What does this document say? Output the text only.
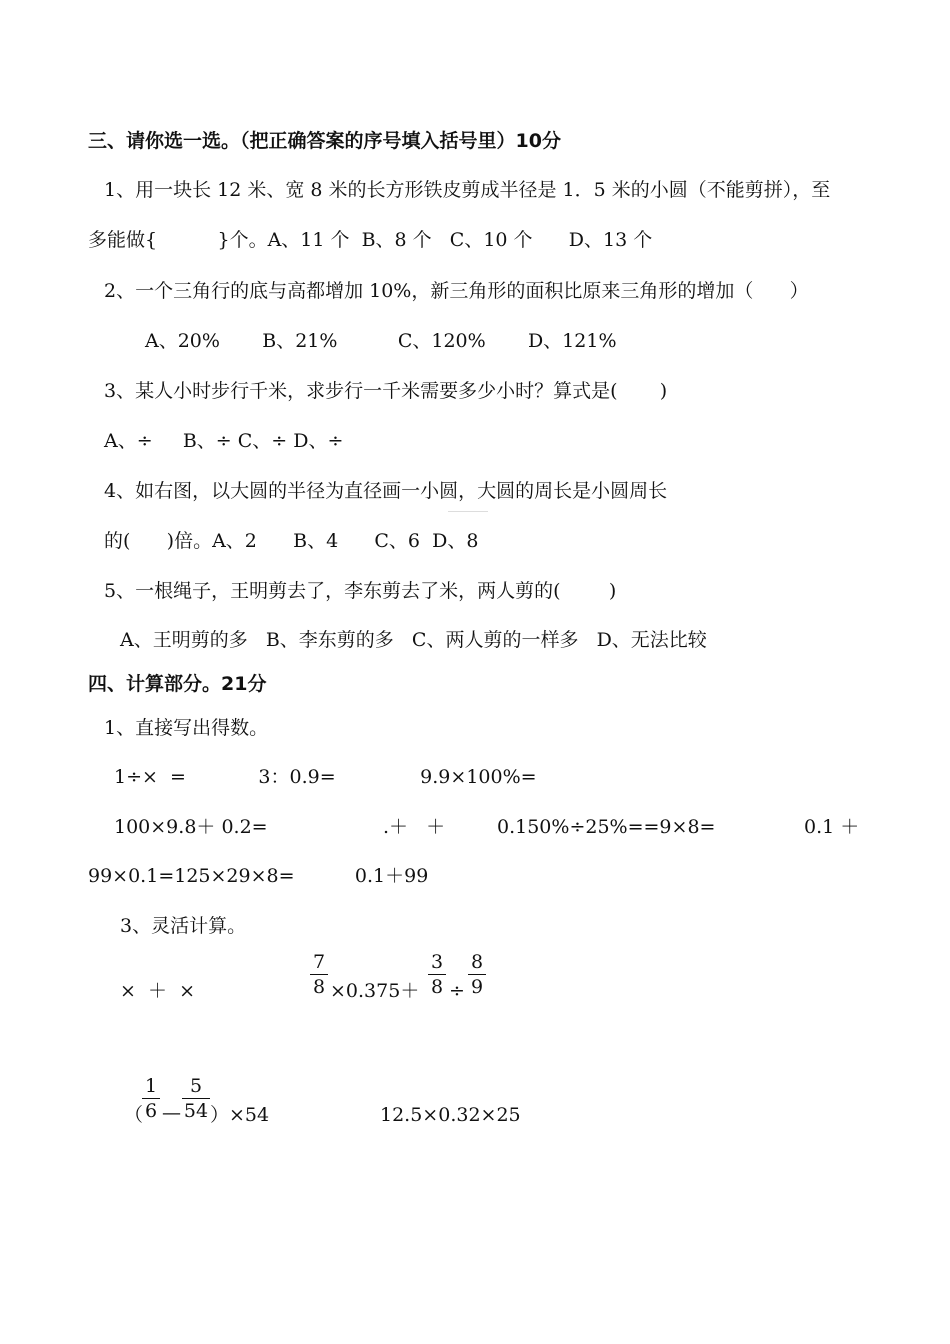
三、请你选一选。（把正确答案的序号填入括号里）10分
1、用一块长 12 米、宽 8 米的长方形铁皮剪成半径是 1．5 米的小圆（不能剪拼），至
多能做{          }个。A、11 个  B、8 个   C、10 个      D、13 个
2、一个三角行的底与高都增加 10%，新三角形的面积比原来三角形的增加（      ）
A、20%       B、21%          C、120%       D、121%
3、某人小时步行千米，求步行一千米需要多少小时？算式是(       )
A、÷     B、÷ C、÷ D、÷
4、如右图，以大圆的半径为直径画一小圆，大圆的周长是小圆周长
的(      )倍。A、2      B、4      C、6  D、8
5、一根绳子，王明剪去了，李东剪去了米，两人剪的(        )
A、王明剪的多   B、李东剪的多   C、两人剪的一样多   D、无法比较
四、计算部分。21分
1、直接写出得数。
1÷×  =            3：0.9=              9.9×100%=
100×9.8＋ 0.2=	.＋   ＋	0.150%÷25%==9×8=	0.1 ＋
99×0.1=125×29×8=          0.1＋99
3、灵活计算。
×  ＋  ×
7
8 ×0.375＋
3
8 ÷
8
9
（
1
6 —
5
54 ）×54	12.5×0.32×25
